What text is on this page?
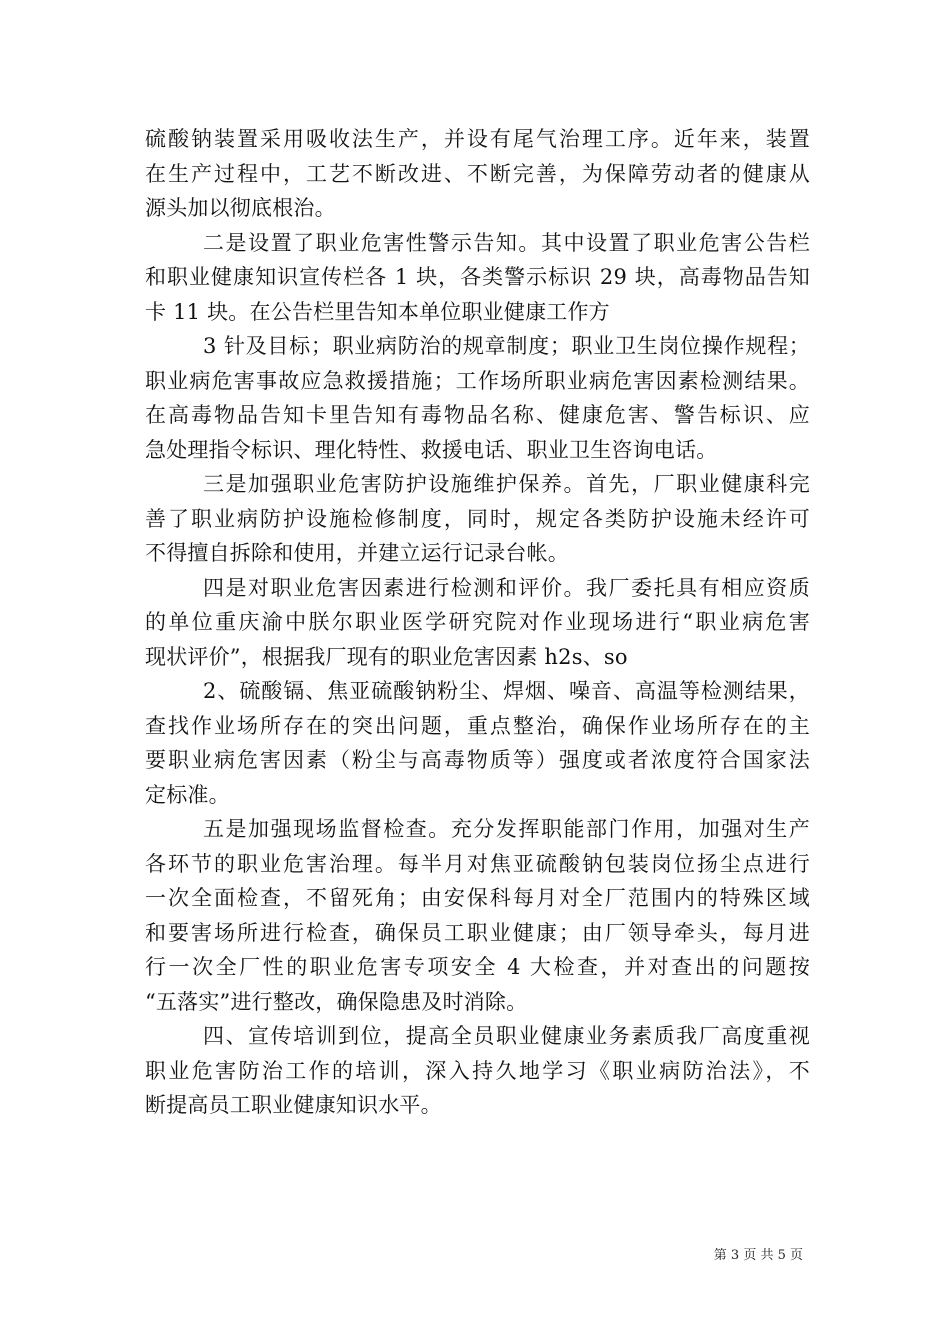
硫酸钠装置采用吸收法生产，并设有尾气治理工序。近年来，装置
在生产过程中，工艺不断改进、不断完善，为保障劳动者的健康从
源头加以彻底根治。
二是设置了职业危害性警示告知。其中设置了职业危害公告栏
和职业健康知识宣传栏各 1 块，各类警示标识 29 块，高毒物品告知
卡 11 块。在公告栏里告知本单位职业健康工作方
3 针及目标；职业病防治的规章制度；职业卫生岗位操作规程；
职业病危害事故应急救援措施；工作场所职业病危害因素检测结果。
在高毒物品告知卡里告知有毒物品名称、健康危害、警告标识、应
急处理指令标识、理化特性、救援电话、职业卫生咨询电话。
三是加强职业危害防护设施维护保养。首先，厂职业健康科完
善了职业病防护设施检修制度，同时，规定各类防护设施未经许可
不得擅自拆除和使用，并建立运行记录台帐。
四是对职业危害因素进行检测和评价。我厂委托具有相应资质
的单位重庆渝中朕尔职业医学研究院对作业现场进行“职业病危害
现状评价”，根据我厂现有的职业危害因素 h2s、so
2、硫酸镉、焦亚硫酸钠粉尘、焊烟、噪音、高温等检测结果，
查找作业场所存在的突出问题，重点整治，确保作业场所存在的主
要职业病危害因素（粉尘与高毒物质等）强度或者浓度符合国家法
定标准。
五是加强现场监督检查。充分发挥职能部门作用，加强对生产
各环节的职业危害治理。每半月对焦亚硫酸钠包装岗位扬尘点进行
一次全面检查，不留死角；由安保科每月对全厂范围内的特殊区域
和要害场所进行检查，确保员工职业健康；由厂领导牵头，每月进
行一次全厂性的职业危害专项安全 4 大检查，并对查出的问题按
“五落实”进行整改，确保隐患及时消除。
四、宣传培训到位，提高全员职业健康业务素质我厂高度重视
职业危害防治工作的培训，深入持久地学习《职业病防治法》，不
断提高员工职业健康知识水平。
第 3 页 共 5 页
